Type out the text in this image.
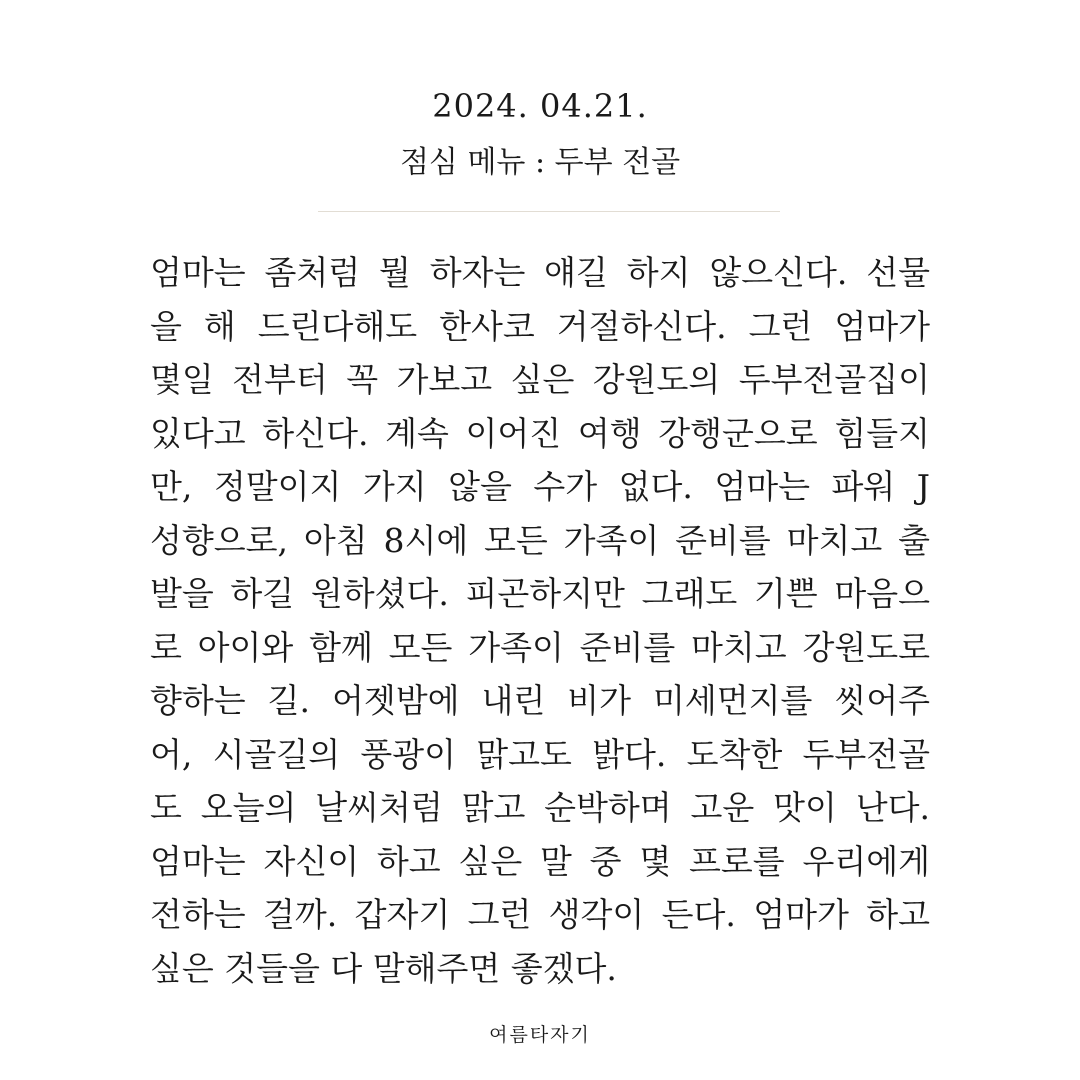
2024. 04.21.
점심 메뉴 : 두부 전골
엄마는 좀처럼 뭘 하자는 얘길 하지 않으신다. 선물
을 해 드린다해도 한사코 거절하신다. 그런 엄마가
몇일 전부터 꼭 가보고 싶은 강원도의 두부전골집이
있다고 하신다. 계속 이어진 여행 강행군으로 힘들지
만, 정말이지 가지 않을 수가 없다. 엄마는 파워 J
성향으로, 아침 8시에 모든 가족이 준비를 마치고 출
발을 하길 원하셨다. 피곤하지만 그래도 기쁜 마음으
로 아이와 함께 모든 가족이 준비를 마치고 강원도로
향하는 길. 어젯밤에 내린 비가 미세먼지를 씻어주
어, 시골길의 풍광이 맑고도 밝다. 도착한 두부전골
도 오늘의 날씨처럼 맑고 순박하며 고운 맛이 난다.
엄마는 자신이 하고 싶은 말 중 몇 프로를 우리에게
전하는 걸까. 갑자기 그런 생각이 든다. 엄마가 하고
싶은 것들을 다 말해주면 좋겠다.
여름타자기
